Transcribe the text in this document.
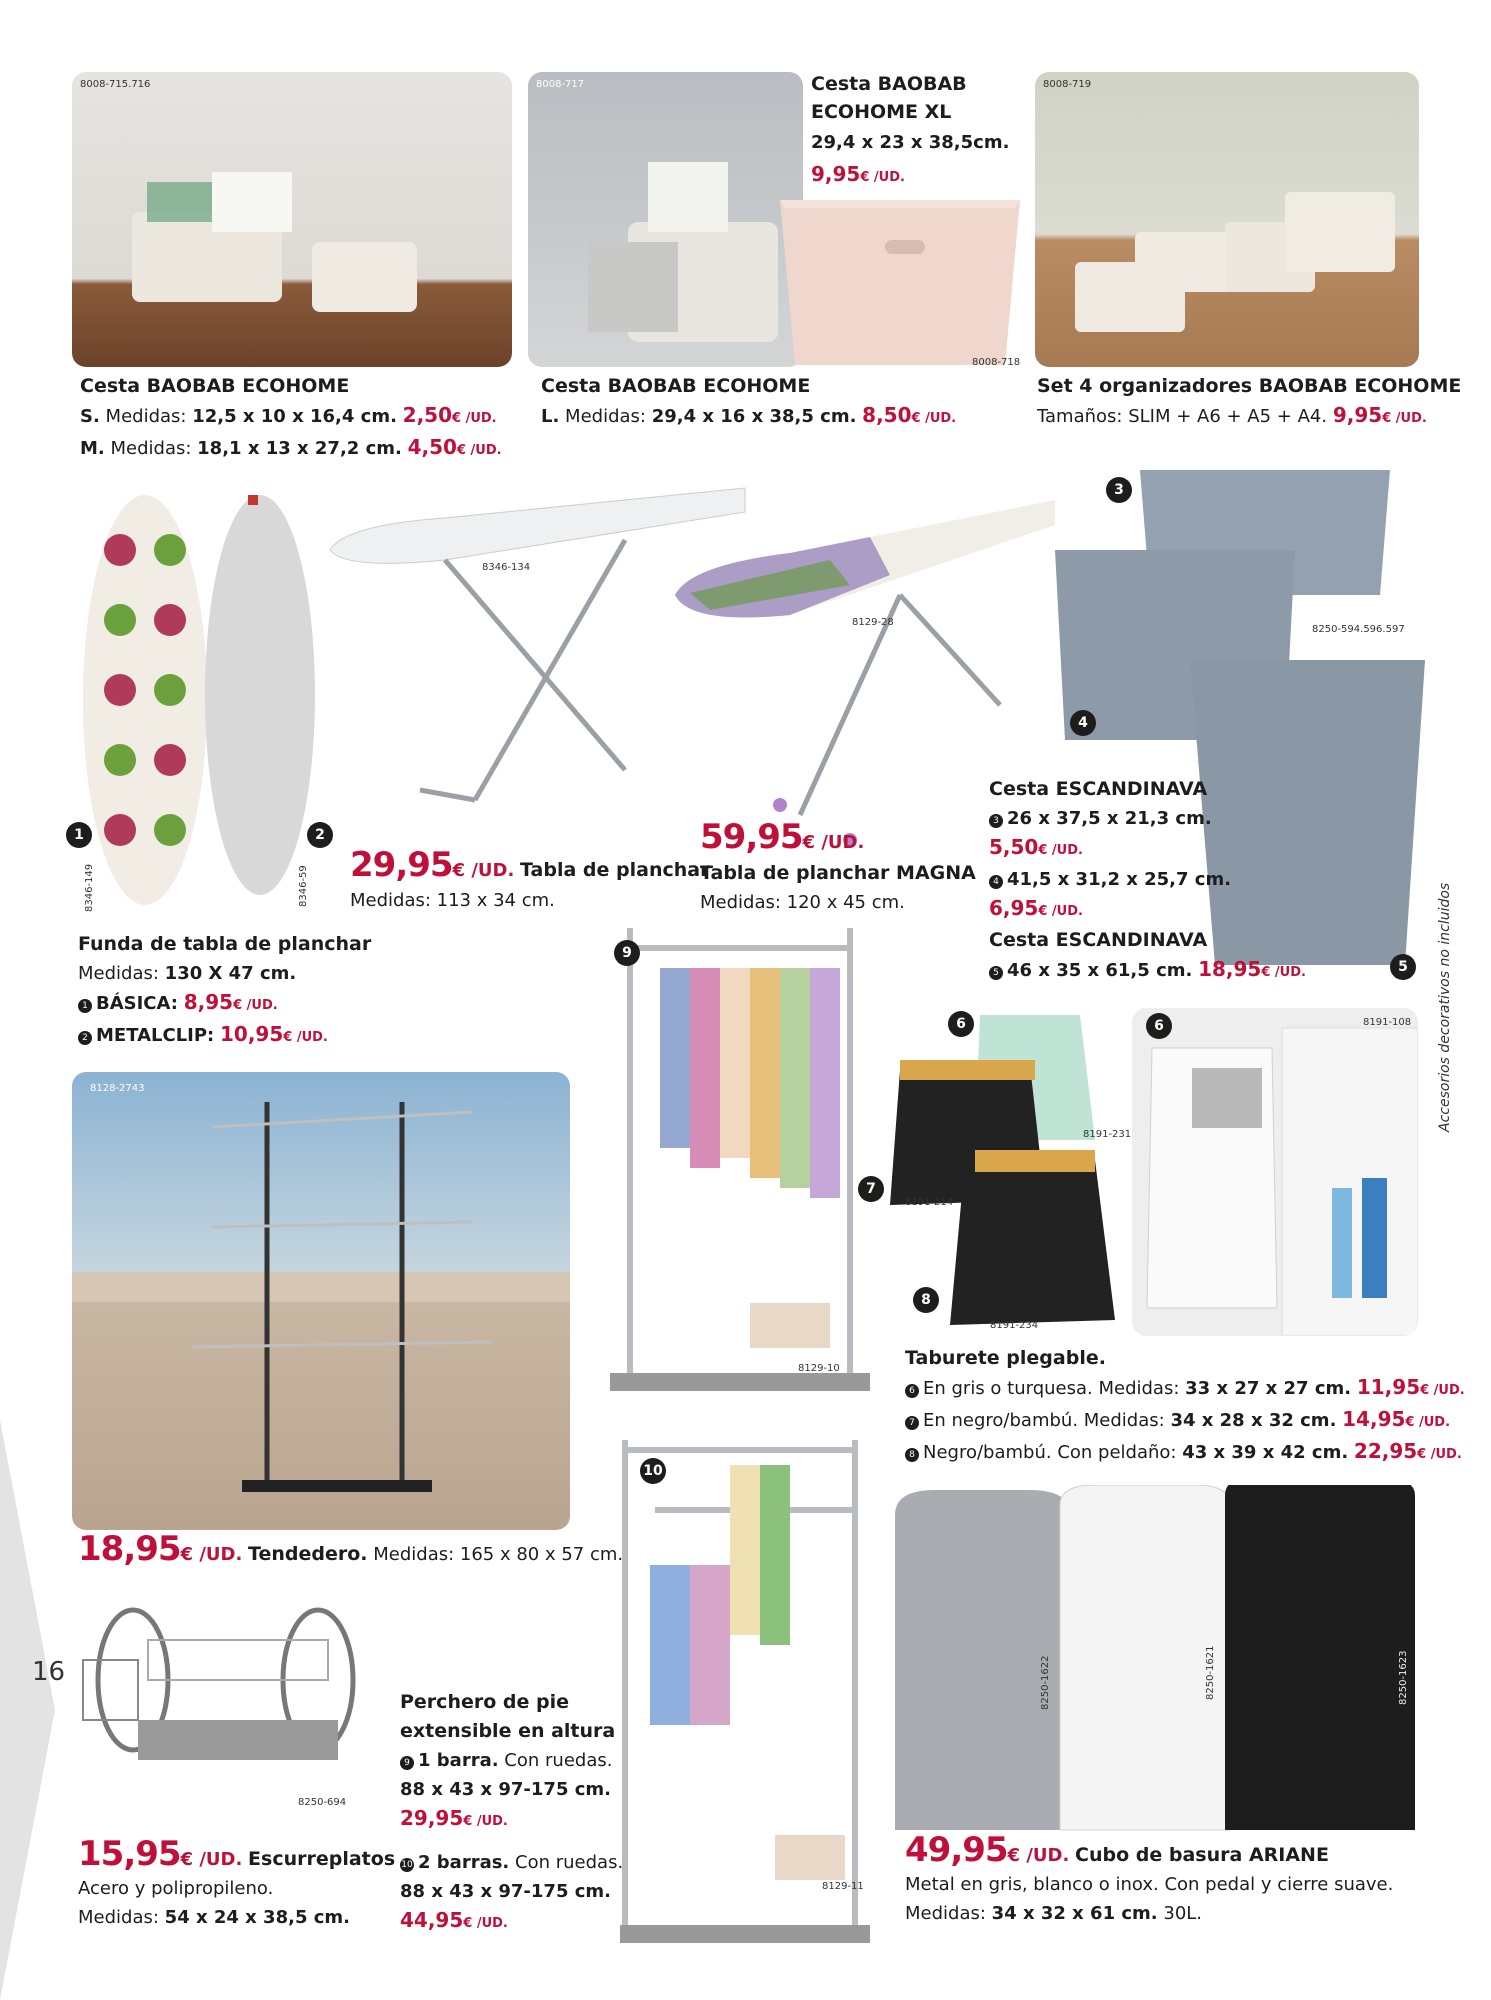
16
Accesorios decorativos no incluidos
8008-715.716	8008-717
8008-718
Cesta BAOBAB
ECOHOME XL
29,4 x 23 x 38,5cm.
9,95€ /UD.
8008-719
Cesta BAOBAB ECOHOME
S. Medidas: 12,5 x 10 x 16,4 cm. 2,50€ /UD.
M. Medidas: 18,1 x 13 x 27,2 cm. 4,50€ /UD.
Cesta BAOBAB ECOHOME
L. Medidas: 29,4 x 16 x 38,5 cm. 8,50€ /UD.
Set 4 organizadores BAOBAB ECOHOME
Tamaños: SLIM + A6 + A5 + A4. 9,95€ /UD.
1	2
8346-149	8346-59
8346-134
8129-28
8250-594.596.597
3
4
5
Funda de tabla de planchar
Medidas: 130 X 47 cm.
1 BÁSICA: 8,95€ /UD.
2 METALCLIP: 10,95€ /UD.
29,95€ /UD. Tabla de planchar
Medidas: 113 x 34 cm.
59,95€ /UD.
Tabla de planchar MAGNA
Medidas: 120 x 45 cm.
Cesta ESCANDINAVA
3 26 x 37,5 x 21,3 cm.
5,50€ /UD.
4 41,5 x 31,2 x 25,7 cm.
6,95€ /UD.
Cesta ESCANDINAVA
5 46 x 35 x 61,5 cm. 18,95€ /UD.
8128-2743
18,95€ /UD. Tendedero. Medidas: 165 x 80 x 57 cm.
9
8129-10
6
7
8
8191-231
8191-214
8191-234
6	8191-108
Taburete plegable.
6 En gris o turquesa. Medidas: 33 x 27 x 27 cm. 11,95€ /UD.
7 En negro/bambú. Medidas: 34 x 28 x 32 cm. 14,95€ /UD.
8 Negro/bambú. Con peldaño: 43 x 39 x 42 cm. 22,95€ /UD.
8250-694
15,95€ /UD. Escurreplatos
Acero y polipropileno.
Medidas: 54 x 24 x 38,5 cm.
Perchero de pie
extensible en altura
9 1 barra. Con ruedas.
88 x 43 x 97-175 cm.
29,95€ /UD.
10 2 barras. Con ruedas.
88 x 43 x 97-175 cm.
44,95€ /UD.
10
8129-11
8250-1622	8250-1621	8250-1623
49,95€ /UD. Cubo de basura ARIANE
Metal en gris, blanco o inox. Con pedal y cierre suave.
Medidas: 34 x 32 x 61 cm. 30L.
